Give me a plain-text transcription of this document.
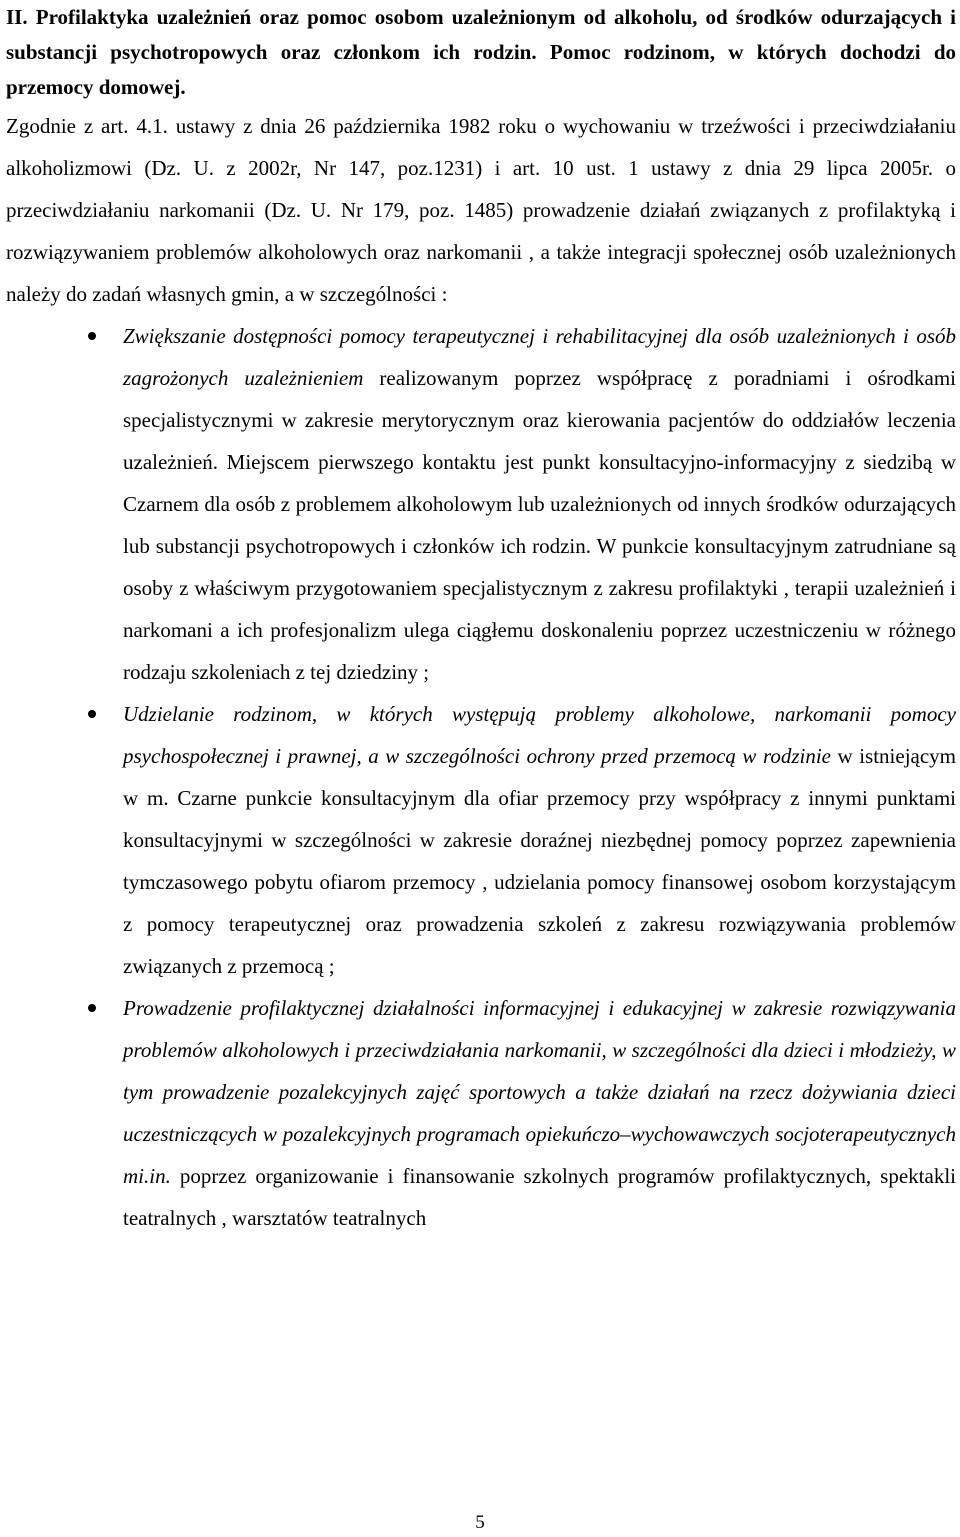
II. Profilaktyka uzależnień oraz pomoc osobom uzależnionym od alkoholu, od środków odurzających i substancji psychotropowych oraz członkom ich rodzin. Pomoc rodzinom, w których dochodzi do przemocy domowej.

Zgodnie z art. 4.1. ustawy z dnia 26 października 1982 roku o wychowaniu w trzeźwości i przeciwdziałaniu alkoholizmowi (Dz. U. z 2002r, Nr 147, poz.1231) i art. 10 ust. 1 ustawy z dnia 29 lipca 2005r. o przeciwdziałaniu narkomanii (Dz. U. Nr 179, poz. 1485) prowadzenie działań związanych z profilaktyką i rozwiązywaniem problemów alkoholowych oraz narkomanii , a także integracji społecznej osób uzależnionych należy do zadań własnych gmin, a w szczególności :

Zwiększanie dostępności pomocy terapeutycznej i rehabilitacyjnej dla osób uzależnionych i osób zagrożonych uzależnieniem realizowanym poprzez współpracę z poradniami i ośrodkami specjalistycznymi w zakresie merytorycznym oraz kierowania pacjentów do oddziałów leczenia uzależnień. Miejscem pierwszego kontaktu jest punkt konsultacyjno-informacyjny z siedzibą w Czarnem dla osób z problemem alkoholowym lub uzależnionych od innych środków odurzających lub substancji psychotropowych i członków ich rodzin. W punkcie konsultacyjnym zatrudniane są osoby z właściwym przygotowaniem specjalistycznym z zakresu profilaktyki , terapii uzależnień i narkomani a ich profesjonalizm ulega ciągłemu doskonaleniu poprzez uczestniczeniu w różnego rodzaju szkoleniach z tej dziedziny ;
Udzielanie rodzinom, w których występują problemy alkoholowe, narkomanii pomocy psychospołecznej i prawnej, a w szczególności ochrony przed przemocą w rodzinie w istniejącym w m. Czarne punkcie konsultacyjnym dla ofiar przemocy przy współpracy z innymi punktami konsultacyjnymi w szczególności w zakresie doraźnej niezbędnej pomocy poprzez zapewnienia tymczasowego pobytu ofiarom przemocy , udzielania pomocy finansowej osobom korzystającym z pomocy terapeutycznej oraz prowadzenia szkoleń z zakresu rozwiązywania problemów związanych z przemocą ;
Prowadzenie profilaktycznej działalności informacyjnej i edukacyjnej w zakresie rozwiązywania problemów alkoholowych i przeciwdziałania narkomanii, w szczególności dla dzieci i młodzieży, w tym prowadzenie pozalekcyjnych zajęć sportowych a także działań na rzecz dożywiania dzieci uczestniczących w pozalekcyjnych programach opiekuńczo–wychowawczych socjoterapeutycznych mi.in. poprzez organizowanie i finansowanie szkolnych programów profilaktycznych, spektakli teatralnych , warsztatów teatralnych
5
